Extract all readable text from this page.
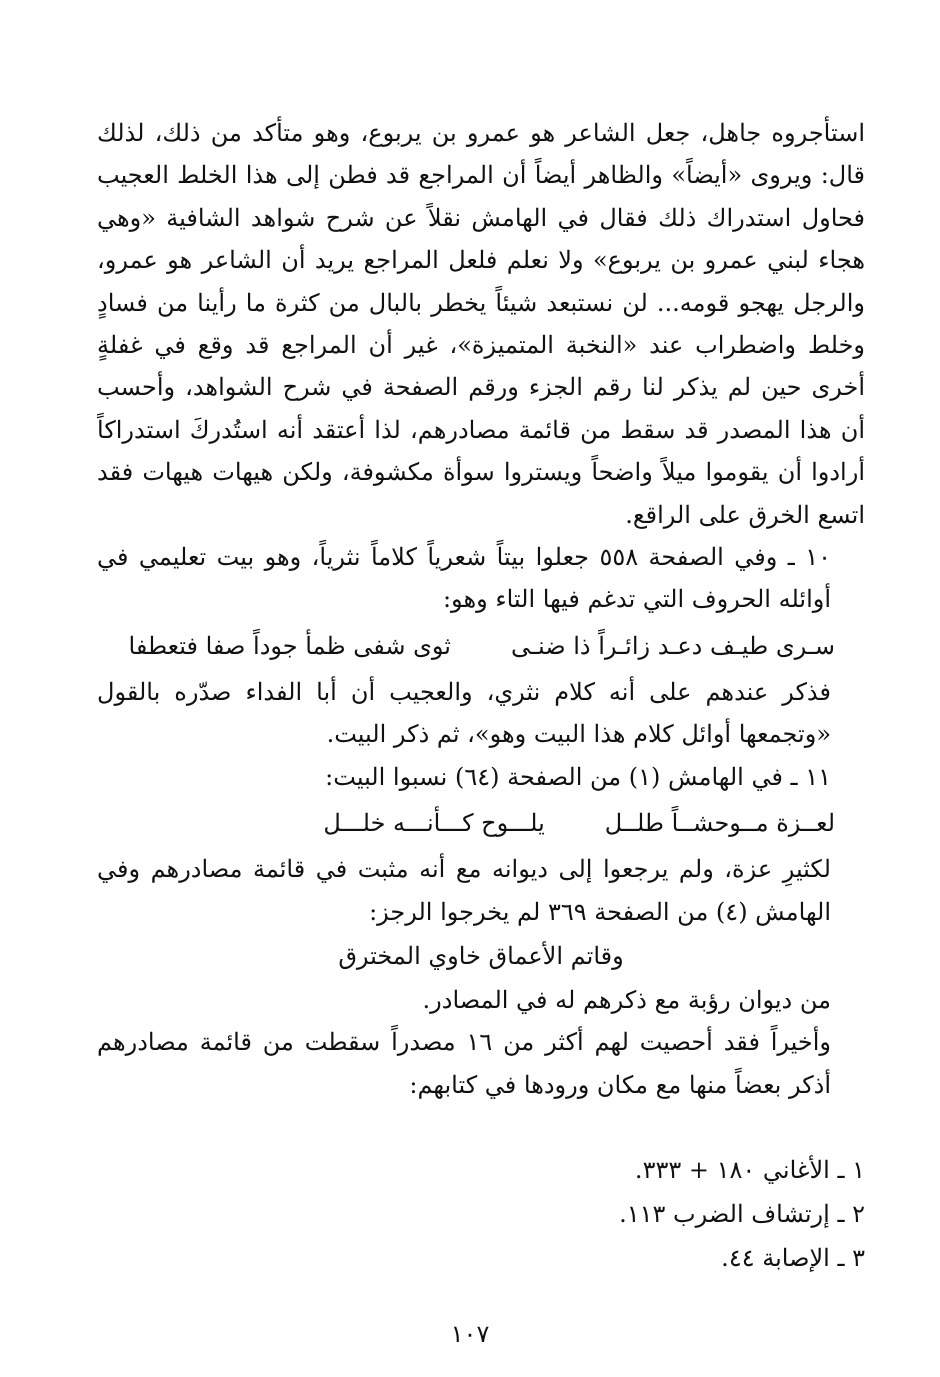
استأجروه جاهل، جعل الشاعر هو عمرو بن يربوع، وهو متأكد من ذلك، لذلك قال: ويروى «أيضاً» والظاهر أيضاً أن المراجع قد فطن إلى هذا الخلط العجيب فحاول استدراك ذلك فقال في الهامش نقلاً عن شرح شواهد الشافية «وهي هجاء لبني عمرو بن يربوع» ولا نعلم فلعل المراجع يريد أن الشاعر هو عمرو، والرجل يهجو قومه... لن نستبعد شيئاً يخطر بالبال من كثرة ما رأينا من فسادٍ وخلط واضطراب عند «النخبة المتميزة»، غير أن المراجع قد وقع في غفلةٍ أخرى حين لم يذكر لنا رقم الجزء ورقم الصفحة في شرح الشواهد، وأحسب أن هذا المصدر قد سقط من قائمة مصادرهم، لذا أعتقد أنه استُدركَ استدراكاً أرادوا أن يقوموا ميلاً واضحاً ويستروا سوأة مكشوفة، ولكن هيهات هيهات فقد اتسع الخرق على الراقع.

١٠ ـ وفي الصفحة ٥٥٨ جعلوا بيتاً شعرياً كلاماً نثرياً، وهو بيت تعليمي في أوائله الحروف التي تدغم فيها التاء وهو:

سـرى طيـف دعـد زائـراً ذا ضنـى
ثوى شفى ظمأ جوداً صفا فتعطفا

فذكر عندهم على أنه كلام نثري، والعجيب أن أبا الفداء صدّره بالقول «وتجمعها أوائل كلام هذا البيت وهو»، ثم ذكر البيت.

١١ ـ في الهامش (١) من الصفحة (٦٤) نسبوا البيت:

لعــزة مــوحشــاً طلــل
يلـــوح كـــأنـــه خلـــل

لكثيرِ عزة، ولم يرجعوا إلى ديوانه مع أنه مثبت في قائمة مصادرهم وفي الهامش (٤) من الصفحة ٣٦٩ لم يخرجوا الرجز:

وقاتم الأعماق خاوي المخترق

من ديوان رؤبة مع ذكرهم له في المصادر.

وأخيراً فقد أحصيت لهم أكثر من ١٦ مصدراً سقطت من قائمة مصادرهم أذكر بعضاً منها مع مكان ورودها في كتابهم:

١ ـ الأغاني ١٨٠ + ٣٣٣.
٢ ـ إرتشاف الضرب ١١٣.
٣ ـ الإصابة ٤٤.
١٠٧
